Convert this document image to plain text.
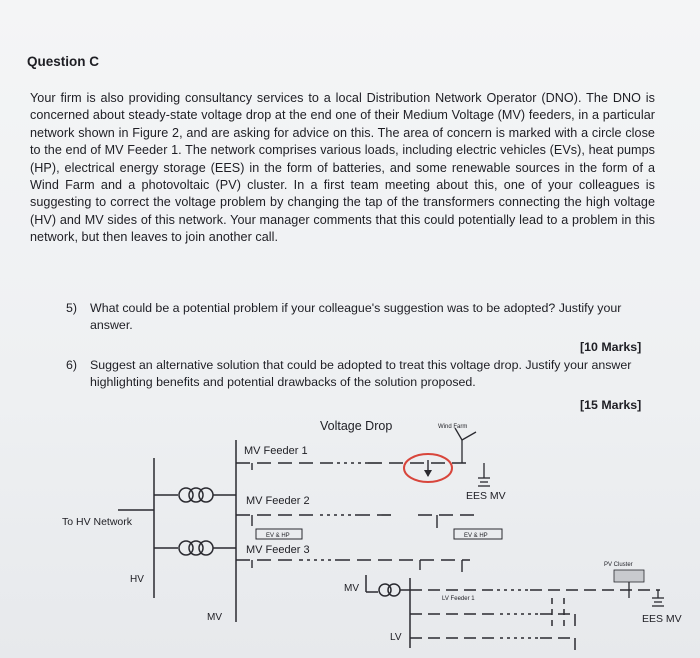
Question C
Your firm is also providing consultancy services to a local Distribution Network Operator (DNO). The DNO is concerned about steady-state voltage drop at the end one of their Medium Voltage (MV) feeders, in a particular network shown in Figure 2, and are asking for advice on this. The area of concern is marked with a circle close to the end of MV Feeder 1. The network comprises various loads, including electric vehicles (EVs), heat pumps (HP), electrical energy storage (EES) in the form of batteries, and some renewable sources in the form of a Wind Farm and a photovoltaic (PV) cluster. In a first team meeting about this, one of your colleagues is suggesting to correct the voltage problem by changing the tap of the transformers connecting the high voltage (HV) and MV sides of this network. Your manager comments that this could potentially lead to a problem in this network, but then leaves to join another call.
5) What could be a potential problem if your colleague's suggestion was to be adopted? Justify your answer.
[10 Marks]
6) Suggest an alternative solution that could be adopted to treat this voltage drop. Justify your answer highlighting benefits and potential drawbacks of the solution proposed.
[15 Marks]
Voltage Drop	Wind Farm
MV Feeder 1
MV Feeder 2
MV Feeder 3
EES MV
To HV Network
EV & HP	EV & HP
PV Cluster
HV
MV
MV
LV
LV Feeder 1
EES MV
